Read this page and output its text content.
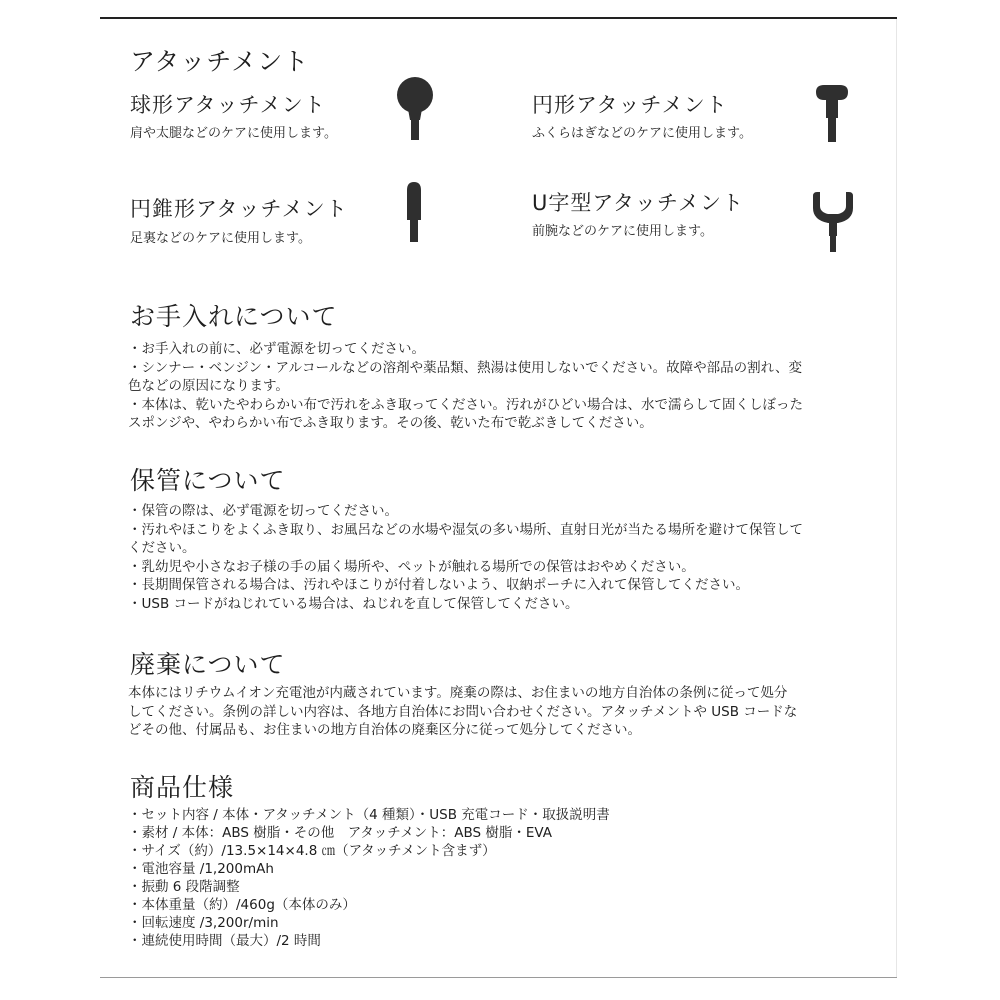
アタッチメント
球形アタッチメント
肩や太腿などのケアに使用します。
円形アタッチメント
ふくらはぎなどのケアに使用します。
円錐形アタッチメント
足裏などのケアに使用します。
U字型アタッチメント
前腕などのケアに使用します。
お手入れについて
・お手入れの前に、必ず電源を切ってください。
・シンナー・ベンジン・アルコールなどの溶剤や薬品類、熱湯は使用しないでください。故障や部品の割れ、変
色などの原因になります。
・本体は、乾いたやわらかい布で汚れをふき取ってください。汚れがひどい場合は、水で濡らして固くしぼった
スポンジや、やわらかい布でふき取ります。その後、乾いた布で乾ぶきしてください。
保管について
・保管の際は、必ず電源を切ってください。
・汚れやほこりをよくふき取り、お風呂などの水場や湿気の多い場所、直射日光が当たる場所を避けて保管して
ください。
・乳幼児や小さなお子様の手の届く場所や、ペットが触れる場所での保管はおやめください。
・長期間保管される場合は、汚れやほこりが付着しないよう、収納ポーチに入れて保管してください。
・USB コードがねじれている場合は、ねじれを直して保管してください。
廃棄について
本体にはリチウムイオン充電池が内蔵されています。廃棄の際は、お住まいの地方自治体の条例に従って処分
してください。条例の詳しい内容は、各地方自治体にお問い合わせください。アタッチメントや USB コードな
どその他、付属品も、お住まいの地方自治体の廃棄区分に従って処分してください。
商品仕様
・セット内容 / 本体・アタッチメント（4 種類）・USB 充電コード・取扱説明書
・素材 / 本体：ABS 樹脂・その他　アタッチメント：ABS 樹脂・EVA
・サイズ（約）/13.5×14×4.8 ㎝（アタッチメント含まず）
・電池容量 /1,200mAh
・振動 6 段階調整
・本体重量（約）/460g（本体のみ）
・回転速度 /3,200r/min
・連続使用時間（最大）/2 時間
